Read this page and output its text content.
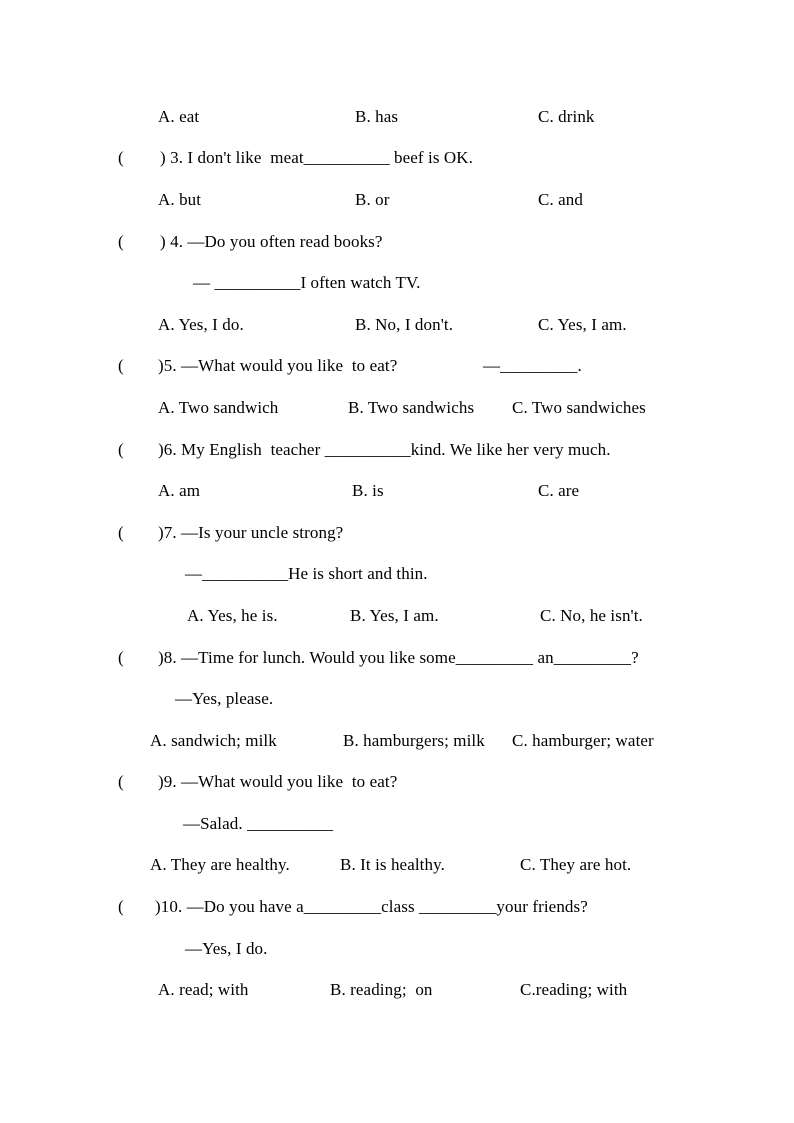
A. eat	B. has	C. drink
( ) 3. I don't like  meat__________ beef is OK.
A. but	B. or	C. and
( ) 4. —Do you often read books?
— __________I often watch TV.
A. Yes, I do.	B. No, I don't.	C. Yes, I am.
( )5. —What would you like  to eat?	—_________.
A. Two sandwich	B. Two sandwichs C. Two sandwiches
( )6. My English  teacher __________kind. We like her very much.
A. am	B. is	C. are
( )7. —Is your uncle strong?
—__________He is short and thin.
A. Yes, he is.	B. Yes, I am.	C. No, he isn't.
( )8. —Time for lunch. Would you like some_________ an_________?
—Yes, please.
A. sandwich; milk	B. hamburgers; milk C. hamburger; water
( )9. —What would you like  to eat?
—Salad. __________
A. They are healthy.	B. It is healthy.	C. They are hot.
( )10. —Do you have a_________class _________your friends?
—Yes, I do.
A. read; with	B. reading;  on	C.reading; with
